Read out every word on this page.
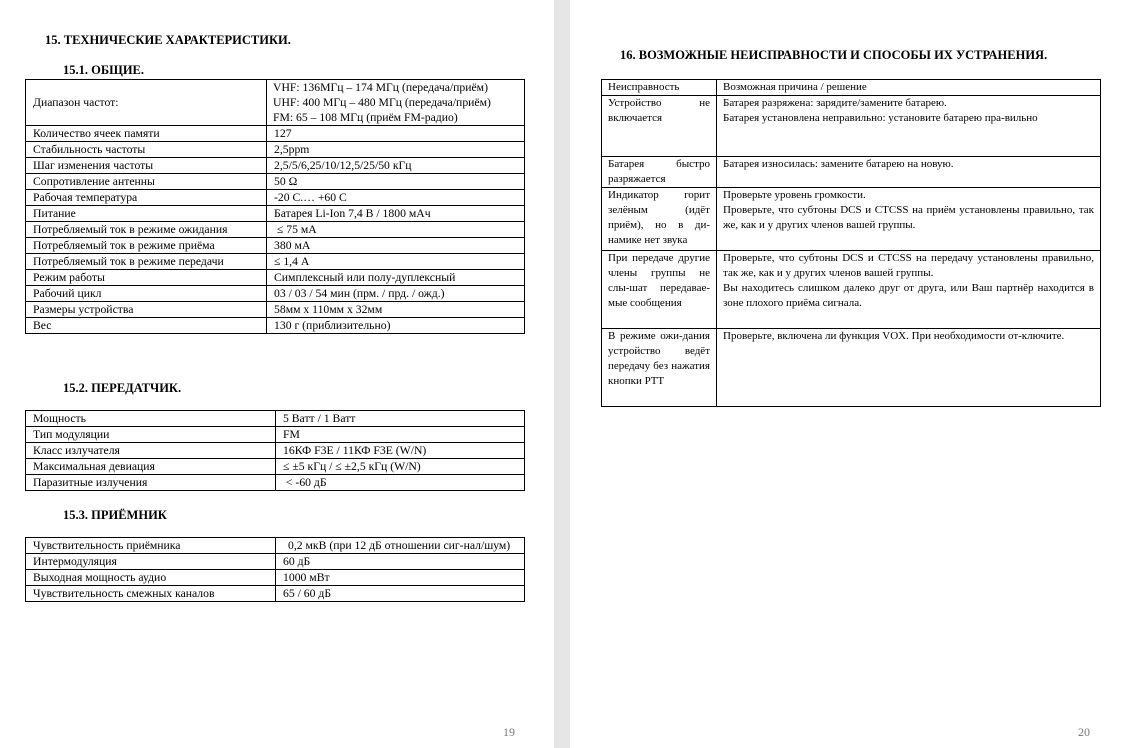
15. ТЕХНИЧЕСКИЕ ХАРАКТЕРИСТИКИ.
15.1. ОБЩИЕ.
Диапазон частот:	VHF: 136МГц – 174 МГц (передача/приём)
UHF: 400 МГц – 480 МГц (передача/приём)
FM: 65 – 108 МГц (приём FM-радио)

Количество ячеек памяти	127
Стабильность частоты	2,5ppm
Шаг изменения частоты	2,5/5/6,25/10/12,5/25/50 кГц
Сопротивление антенны	50 Ω
Рабочая температура	-20 С.… +60 С
Питание	Батарея Li-Ion 7,4 В / 1800 мАч
Потребляемый ток в режиме ожидания	≤ 75 мА
Потребляемый ток в режиме приёма	380 мА
Потребляемый ток в режиме передачи	≤ 1,4 А
Режим работы	Симплексный или полу-дуплексный
Рабочий цикл	03 / 03 / 54 мин (прм. / прд. / ожд.)
Размеры устройства	58мм х 110мм х 32мм
Вес	130 г (приблизительно)
15.2. ПЕРЕДАТЧИК.
Мощность	5 Ватт / 1 Ватт
Тип модуляции	FM
Класс излучателя	16КФ F3E / 11КФ F3E (W/N)
Максимальная девиация	≤ ±5 кГц / ≤ ±2,5 кГц (W/N)
Паразитные излучения	< -60 дБ
15.3. ПРИЁМНИК
Чувствительность приёмника	0,2 мкВ (при 12 дБ отношении сиг-нал/шум)
Интермодуляция	60 дБ
Выходная мощность аудио	1000 мВт
Чувствительность смежных каналов	65 / 60 дБ
19
16. ВОЗМОЖНЫЕ НЕИСПРАВНОСТИ И СПОСОБЫ ИХ УСТРАНЕНИЯ.
Неисправность	Возможная причина / решение
Устройство не включается	Батарея разряжена: зарядите/замените батарею.
Батарея установлена неправильно: установите батарею пра-вильно

Батарея быстро разряжается	Батарея износилась: замените батарею на новую.

Индикатор горит зелёным (идёт приём), но в ди-намике нет звука	Проверьте уровень громкости.
Проверьте, что субтоны DCS и CTCSS на приём установлены правильно, так же, как и у других членов вашей группы.

При передаче другие члены группы не слы-шат передавае-мые сообщения	Проверьте, что субтоны DCS и CTCSS на передачу установлены правильно, так же, как и у других членов вашей группы.
Вы находитесь слишком далеко друг от друга, или Ваш партнёр находится в зоне плохого приёма сигнала.

В режиме ожи-дания устройство ведёт передачу без нажатия кнопки PTT	Проверьте, включена ли функция VOX. При необходимости от-ключите.
20
